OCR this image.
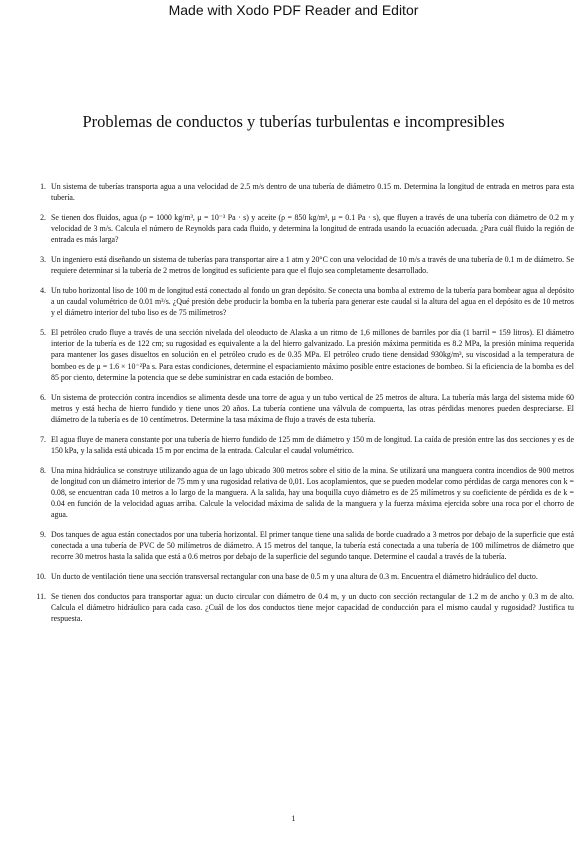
Made with Xodo PDF Reader and Editor
Problemas de conductos y tuberías turbulentas e incompresibles
1. Un sistema de tuberías transporta agua a una velocidad de 2.5 m/s dentro de una tubería de diámetro 0.15 m. Determina la longitud de entrada en metros para esta tubería.
2. Se tienen dos fluidos, agua (ρ = 1000 kg/m³, μ = 10⁻³ Pa · s) y aceite (ρ = 850 kg/m³, μ = 0.1 Pa · s), que fluyen a través de una tubería con diámetro de 0.2 m y velocidad de 3 m/s. Calcula el número de Reynolds para cada fluido, y determina la longitud de entrada usando la ecuación adecuada. ¿Para cuál fluido la región de entrada es más larga?
3. Un ingeniero está diseñando un sistema de tuberías para transportar aire a 1 atm y 20°C con una velocidad de 10 m/s a través de una tubería de 0.1 m de diámetro. Se requiere determinar si la tubería de 2 metros de longitud es suficiente para que el flujo sea completamente desarrollado.
4. Un tubo horizontal liso de 100 m de longitud está conectado al fondo un gran depósito. Se conecta una bomba al extremo de la tubería para bombear agua al depósito a un caudal volumétrico de 0.01 m³/s. ¿Qué presión debe producir la bomba en la tubería para generar este caudal si la altura del agua en el depósito es de 10 metros y el diámetro interior del tubo liso es de 75 milímetros?
5. El petróleo crudo fluye a través de una sección nivelada del oleoducto de Alaska a un ritmo de 1,6 millones de barriles por día (1 barril = 159 litros). El diámetro interior de la tubería es de 122 cm; su rugosidad es equivalente a la del hierro galvanizado. La presión máxima permitida es 8.2 MPa, la presión mínima requerida para mantener los gases disueltos en solución en el petróleo crudo es de 0.35 MPa. El petróleo crudo tiene densidad 930kg/m³, su viscosidad a la temperatura de bombeo es de μ = 1.6 × 10⁻²Pa s. Para estas condiciones, determine el espaciamiento máximo posible entre estaciones de bombeo. Si la eficiencia de la bomba es del 85 por ciento, determine la potencia que se debe suministrar en cada estación de bombeo.
6. Un sistema de protección contra incendios se alimenta desde una torre de agua y un tubo vertical de 25 metros de altura. La tubería más larga del sistema mide 60 metros y está hecha de hierro fundido y tiene unos 20 años. La tubería contiene una válvula de compuerta, las otras pérdidas menores pueden despreciarse. El diámetro de la tubería es de 10 centímetros. Determine la tasa máxima de flujo a través de esta tubería.
7. El agua fluye de manera constante por una tubería de hierro fundido de 125 mm de diámetro y 150 m de longitud. La caída de presión entre las dos secciones y es de 150 kPa, y la salida está ubicada 15 m por encima de la entrada. Calcular el caudal volumétrico.
8. Una mina hidráulica se construye utilizando agua de un lago ubicado 300 metros sobre el sitio de la mina. Se utilizará una manguera contra incendios de 900 metros de longitud con un diámetro interior de 75 mm y una rugosidad relativa de 0,01. Los acoplamientos, que se pueden modelar como pérdidas de carga menores con k = 0.08, se encuentran cada 10 metros a lo largo de la manguera. A la salida, hay una boquilla cuyo diámetro es de 25 milímetros y su coeficiente de pérdida es de k = 0.04 en función de la velocidad aguas arriba. Calcule la velocidad máxima de salida de la manguera y la fuerza máxima ejercida sobre una roca por el chorro de agua.
9. Dos tanques de agua están conectados por una tubería horizontal. El primer tanque tiene una salida de borde cuadrado a 3 metros por debajo de la superficie que está conectada a una tubería de PVC de 50 milímetros de diámetro. A 15 metros del tanque, la tubería está conectada a una tubería de 100 milímetros de diámetro que recorre 30 metros hasta la salida que está a 0.6 metros por debajo de la superficie del segundo tanque. Determine el caudal a través de la tubería.
10. Un ducto de ventilación tiene una sección transversal rectangular con una base de 0.5 m y una altura de 0.3 m. Encuentra el diámetro hidráulico del ducto.
11. Se tienen dos conductos para transportar agua: un ducto circular con diámetro de 0.4 m, y un ducto con sección rectangular de 1.2 m de ancho y 0.3 m de alto. Calcula el diámetro hidráulico para cada caso. ¿Cuál de los dos conductos tiene mejor capacidad de conducción para el mismo caudal y rugosidad? Justifica tu respuesta.
1
